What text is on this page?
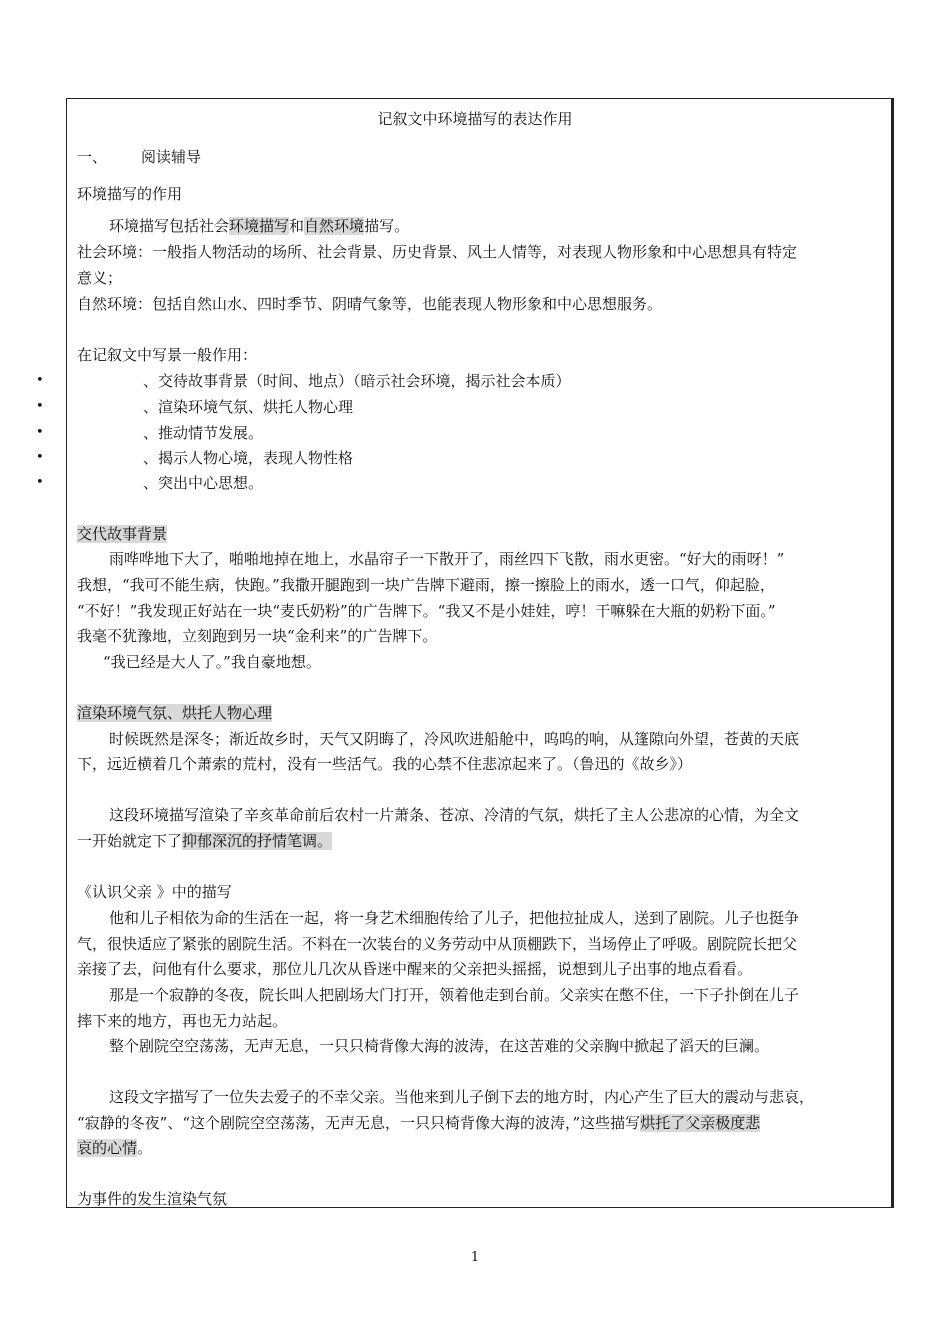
记叙文中环境描写的表达作用
一、 阅读辅导
环境描写的作用
环境描写包括社会环境描写和自然环境描写。
社会环境：一般指人物活动的场所、社会背景、历史背景、风土人情等，对表现人物形象和中心思想具有特定
意义；
自然环境：包括自然山水、四时季节、阴晴气象等，也能表现人物形象和中心思想服务。
在记叙文中写景一般作用：
•	、交待故事背景（时间、地点）（暗示社会环境，揭示社会本质）
•	、渲染环境气氛、烘托人物心理
•	、推动情节发展。
•	、揭示人物心境，表现人物性格
•	、突出中心思想。
交代故事背景
雨哗哗地下大了，啪啪地掉在地上，水晶帘子一下散开了，雨丝四下飞散，雨水更密。“好大的雨呀！”
我想，“我可不能生病，快跑。”我撒开腿跑到一块广告牌下避雨，擦一擦脸上的雨水，透一口气，仰起脸，
“不好！”我发现正好站在一块“麦氏奶粉”的广告牌下。“我又不是小娃娃，哼！干嘛躲在大瓶的奶粉下面。”
我毫不犹豫地，立刻跑到另一块“金利来”的广告牌下。
“我已经是大人了。”我自豪地想。
渲染环境气氛、烘托人物心理
时候既然是深冬；渐近故乡时，天气又阴晦了，冷风吹进船舱中，呜呜的响，从篷隙向外望，苍黄的天底
下，远近横着几个萧索的荒村，没有一些活气。我的心禁不住悲凉起来了。（鲁迅的《故乡》）
这段环境描写渲染了辛亥革命前后农村一片萧条、苍凉、冷清的气氛，烘托了主人公悲凉的心情，为全文
一开始就定下了抑郁深沉的抒情笔调。
《认识父亲 》中的描写
他和儿子相依为命的生活在一起，将一身艺术细胞传给了儿子，把他拉扯成人，送到了剧院。儿子也挺争
气，很快适应了紧张的剧院生活。不料在一次装台的义务劳动中从顶棚跌下，当场停止了呼吸。剧院院长把父
亲接了去，问他有什么要求，那位儿几次从昏迷中醒来的父亲把头摇摇，说想到儿子出事的地点看看。
那是一个寂静的冬夜，院长叫人把剧场大门打开，领着他走到台前。父亲实在憋不住，一下子扑倒在儿子
摔下来的地方，再也无力站起。
整个剧院空空荡荡，无声无息，一只只椅背像大海的波涛，在这苦难的父亲胸中掀起了滔天的巨澜。
这段文字描写了一位失去爱子的不幸父亲。当他来到儿子倒下去的地方时，内心产生了巨大的震动与悲哀，
“寂静的冬夜”、“这个剧院空空荡荡，无声无息，一只只椅背像大海的波涛，”这些描写烘托了父亲极度悲
哀的心情。
为事件的发生渲染气氛
1
